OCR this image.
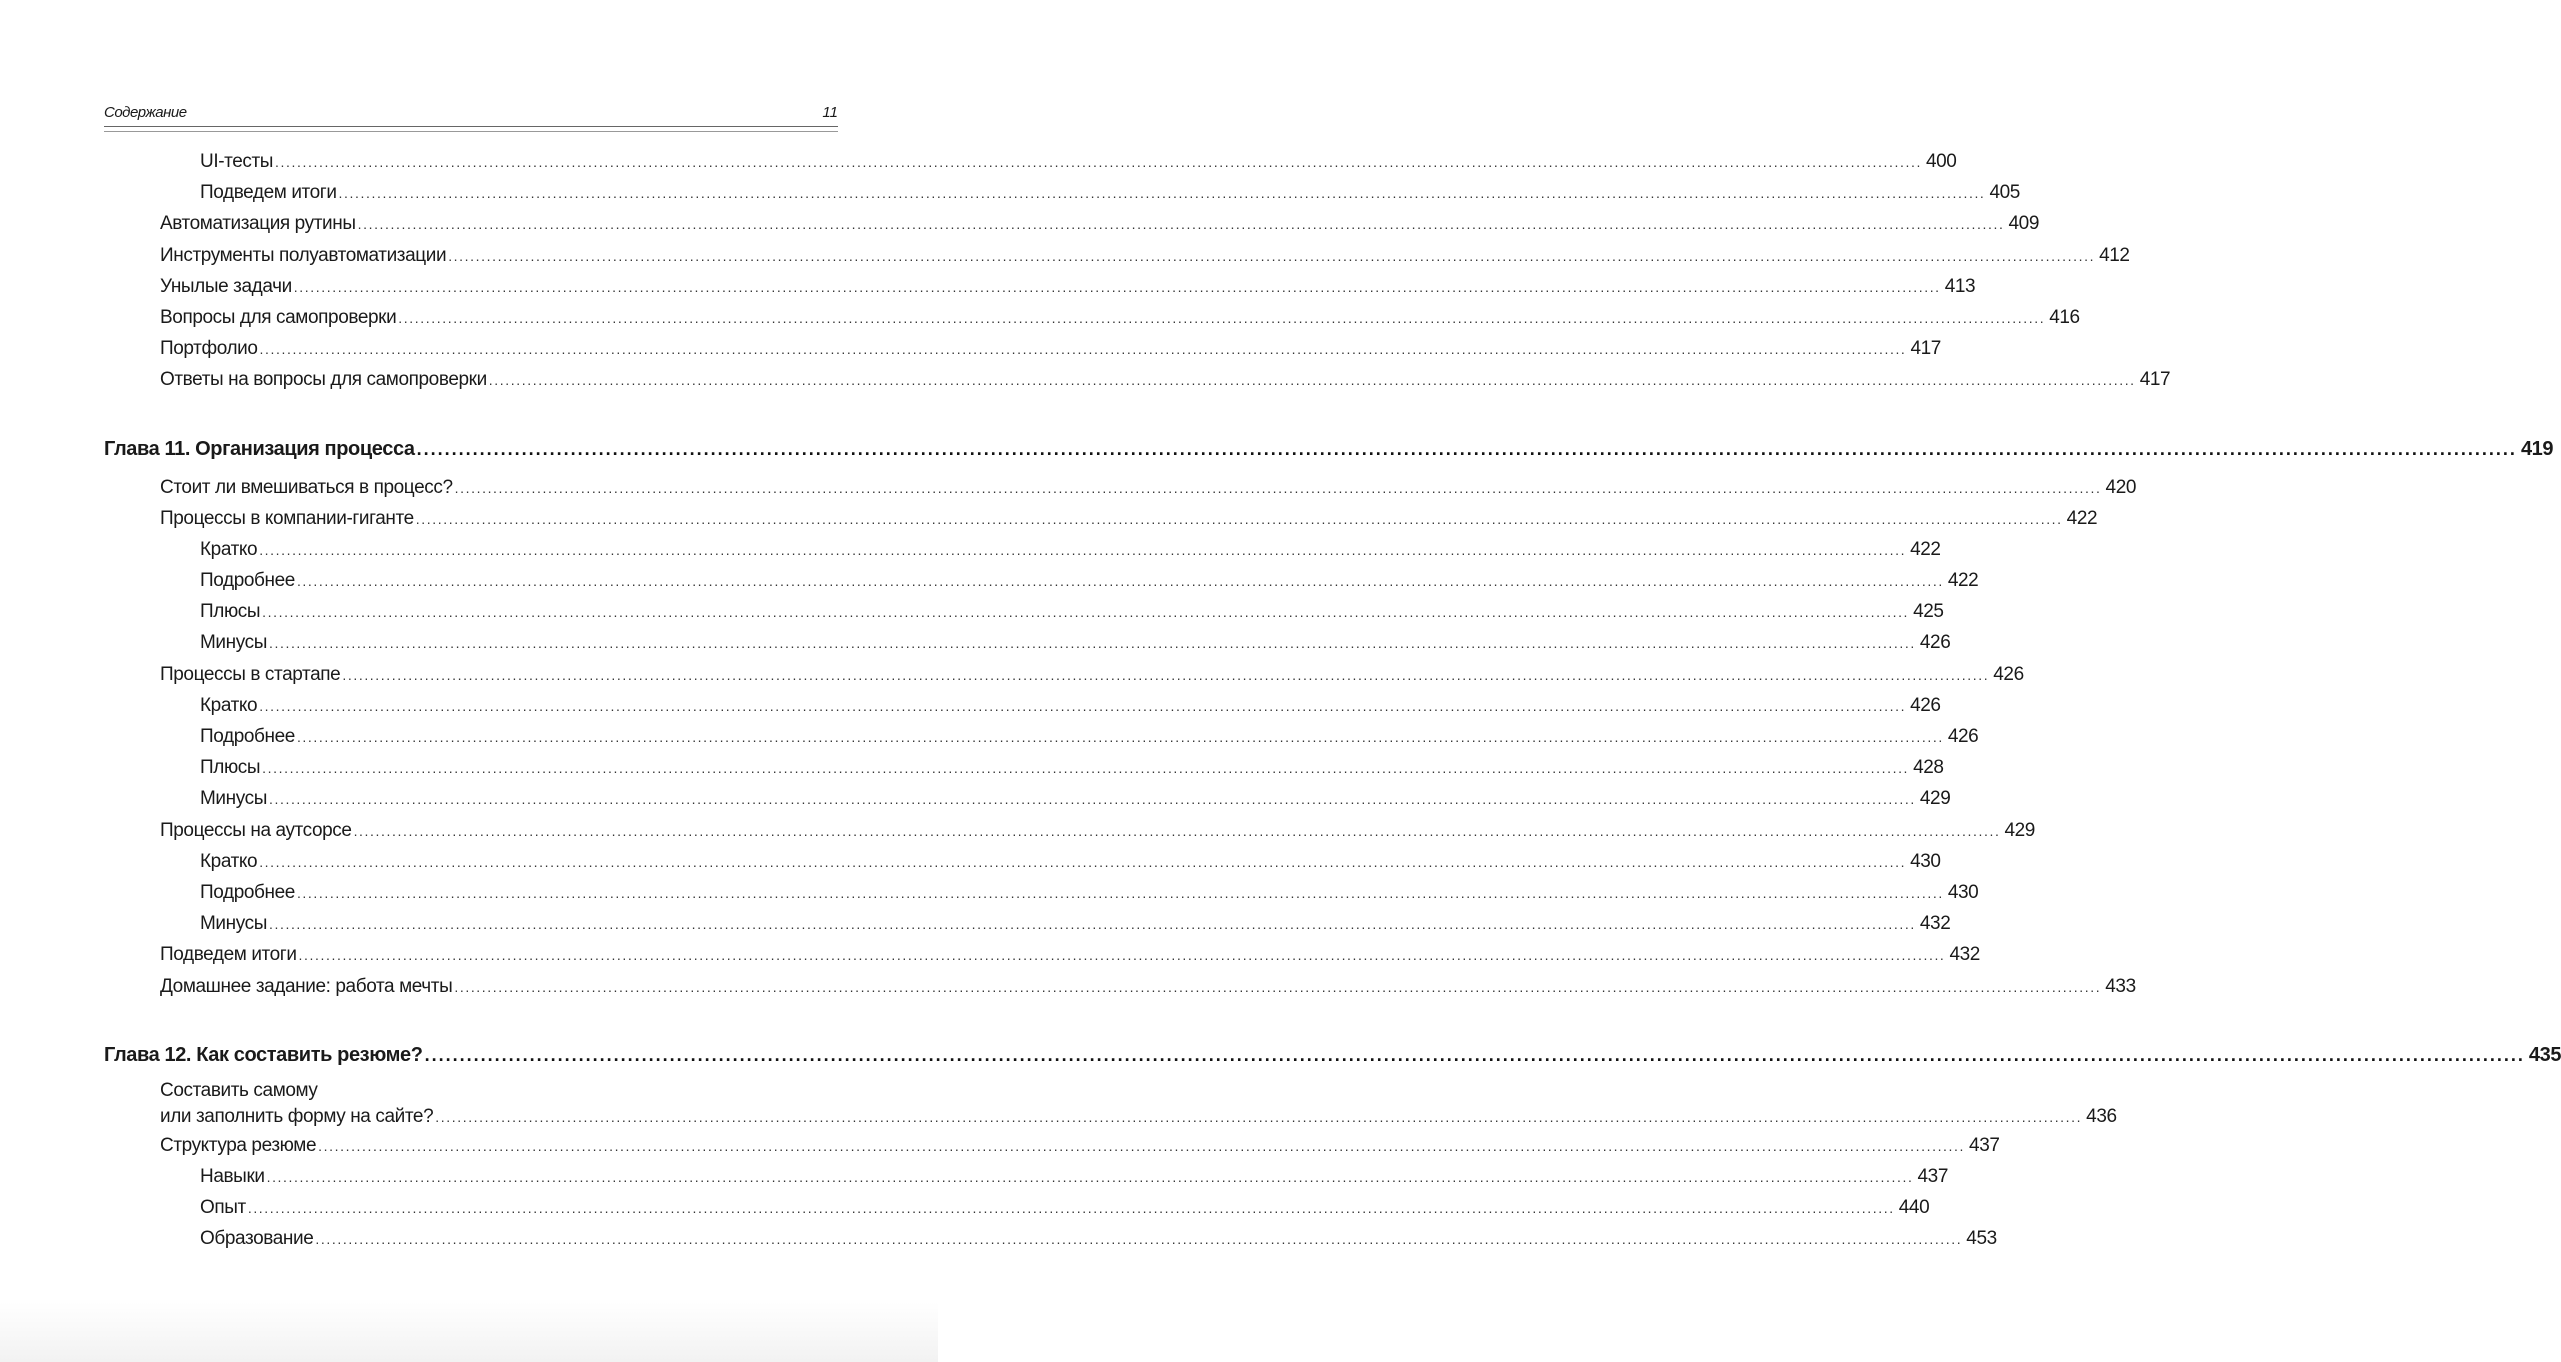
Содержание	11
UI-тесты ............................................................................................................................................................................................................................................................................................................ 400
Подведем итоги ............................................................................................................................................................................................................................................................................................................ 405
Автоматизация рутины ............................................................................................................................................................................................................................................................................................................ 409
Инструменты полуавтоматизации ............................................................................................................................................................................................................................................................................................................ 412
Унылые задачи ............................................................................................................................................................................................................................................................................................................ 413
Вопросы для самопроверки ............................................................................................................................................................................................................................................................................................................ 416
Портфолио ............................................................................................................................................................................................................................................................................................................ 417
Ответы на вопросы для самопроверки ............................................................................................................................................................................................................................................................................................................ 417
Глава 11. Организация процесса ............................................................................................................................................................................................................................................................................................................ 419
Стоит ли вмешиваться в процесс? ............................................................................................................................................................................................................................................................................................................ 420
Процессы в компании-гиганте ............................................................................................................................................................................................................................................................................................................ 422
Кратко ............................................................................................................................................................................................................................................................................................................ 422
Подробнее ............................................................................................................................................................................................................................................................................................................ 422
Плюсы ............................................................................................................................................................................................................................................................................................................ 425
Минусы ............................................................................................................................................................................................................................................................................................................ 426
Процессы в стартапе ............................................................................................................................................................................................................................................................................................................ 426
Кратко ............................................................................................................................................................................................................................................................................................................ 426
Подробнее ............................................................................................................................................................................................................................................................................................................ 426
Плюсы ............................................................................................................................................................................................................................................................................................................ 428
Минусы ............................................................................................................................................................................................................................................................................................................ 429
Процессы на аутсорсе ............................................................................................................................................................................................................................................................................................................ 429
Кратко ............................................................................................................................................................................................................................................................................................................ 430
Подробнее ............................................................................................................................................................................................................................................................................................................ 430
Минусы ............................................................................................................................................................................................................................................................................................................ 432
Подведем итоги ............................................................................................................................................................................................................................................................................................................ 432
Домашнее задание: работа мечты ............................................................................................................................................................................................................................................................................................................ 433
Глава 12. Как составить резюме? ............................................................................................................................................................................................................................................................................................................ 435
Составить самому
или заполнить форму на сайте? ............................................................................................................................................................................................................................................................................................................ 436
Структура резюме ............................................................................................................................................................................................................................................................................................................ 437
Навыки ............................................................................................................................................................................................................................................................................................................ 437
Опыт ............................................................................................................................................................................................................................................................................................................ 440
Образование ............................................................................................................................................................................................................................................................................................................ 453
